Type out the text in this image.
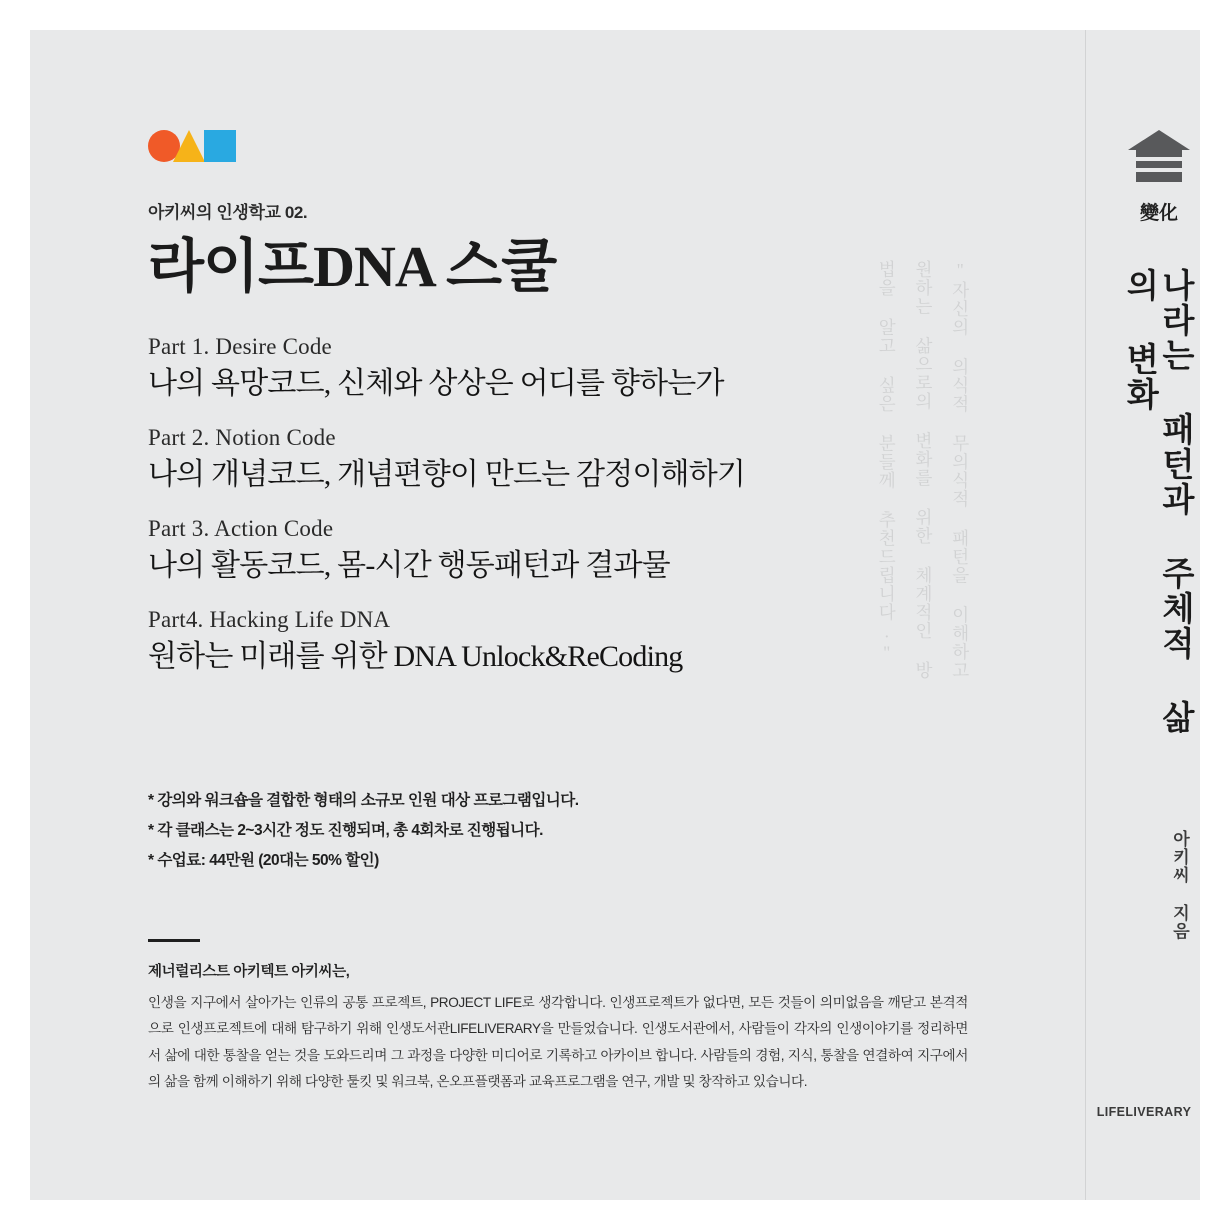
아키씨의 인생학교 02.
라이프DNA 스쿨
Part 1. Desire Code
나의 욕망코드, 신체와 상상은 어디를 향하는가
Part 2. Notion Code
나의 개념코드, 개념편향이 만드는 감정이해하기
Part 3. Action Code
나의 활동코드, 몸-시간 행동패턴과 결과물
Part4. Hacking Life DNA
원하는 미래를 위한 DNA Unlock&ReCoding
* 강의와 워크숍을 결합한 형태의 소규모 인원 대상 프로그램입니다.
* 각 클래스는 2~3시간 정도 진행되며, 총 4회차로 진행됩니다.
* 수업료: 44만원 (20대는 50% 할인)
제너럴리스트 아키텍트 아키씨는,
인생을 지구에서 살아가는 인류의 공통 프로젝트, PROJECT LIFE로 생각합니다. 인생프로젝트가 없다면, 모든 것들이 의미없음을 깨닫고 본격적으로 인생프로젝트에 대해 탐구하기 위해 인생도서관LIFELIVERARY을 만들었습니다. 인생도서관에서, 사람들이 각자의 인생이야기를 정리하면서 삶에 대한 통찰을 얻는 것을 도와드리며 그 과정을 다양한 미디어로 기록하고 아카이브 합니다. 사람들의 경험, 지식, 통찰을 연결하여 지구에서의 삶을 함께 이해하기 위해 다양한 툴킷 및 워크북, 온오프플랫폼과 교육프로그램을 연구, 개발 및 창작하고 있습니다.
"자신의 의식적 무의식적 패턴을 이해하고 원하는 삶으로의 변화를 위한 체계적인 방법을 알고 싶은 분들께 추천드립니다."
變化
나라는 패턴과 주체적 삶의 변화
아키씨 지음
LIFELIVERARY
